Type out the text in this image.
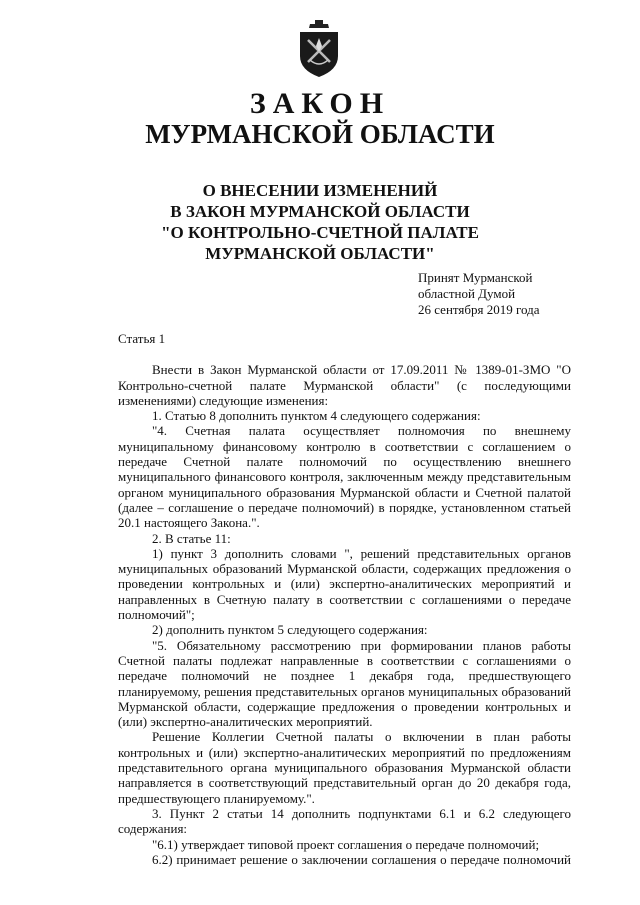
ЗАКОН
МУРМАНСКОЙ ОБЛАСТИ
О ВНЕСЕНИИ ИЗМЕНЕНИЙ
В ЗАКОН МУРМАНСКОЙ ОБЛАСТИ
"О КОНТРОЛЬНО-СЧЕТНОЙ ПАЛАТЕ
МУРМАНСКОЙ ОБЛАСТИ"
Принят Мурманской
областной Думой
26 сентября 2019 года
Статья 1

Внести в Закон Мурманской области от 17.09.2011 № 1389-01-ЗМО "О Контрольно-счетной палате Мурманской области" (с последующими изменениями) следующие изменения:

1. Статью 8 дополнить пунктом 4 следующего содержания:

"4. Счетная палата осуществляет полномочия по внешнему муниципальному финансовому контролю в соответствии с соглашением о передаче Счетной палате полномочий по осуществлению внешнего муниципального финансового контроля, заключенным между представительным органом муниципального образования Мурманской области и Счетной палатой (далее – соглашение о передаче полномочий) в порядке, установленном статьей 20.1 настоящего Закона.".

2. В статье 11:

1) пункт 3 дополнить словами ", решений представительных органов муниципальных образований Мурманской области, содержащих предложения о проведении контрольных и (или) экспертно-аналитических мероприятий и направленных в Счетную палату в соответствии с соглашениями о передаче полномочий";

2) дополнить пунктом 5 следующего содержания:

"5. Обязательному рассмотрению при формировании планов работы Счетной палаты подлежат направленные в соответствии с соглашениями о передаче полномочий не позднее 1 декабря года, предшествующего планируемому, решения представительных органов муниципальных образований Мурманской области, содержащие предложения о проведении контрольных и (или) экспертно-аналитических мероприятий.

Решение Коллегии Счетной палаты о включении в план работы контрольных и (или) экспертно-аналитических мероприятий по предложениям представительного органа муниципального образования Мурманской области направляется в соответствующий представительный орган до 20 декабря года, предшествующего планируемому.".

3. Пункт 2 статьи 14 дополнить подпунктами 6.1 и 6.2 следующего содержания:

"6.1) утверждает типовой проект соглашения о передаче полномочий;

6.2) принимает решение о заключении соглашения о передаче полномочий
